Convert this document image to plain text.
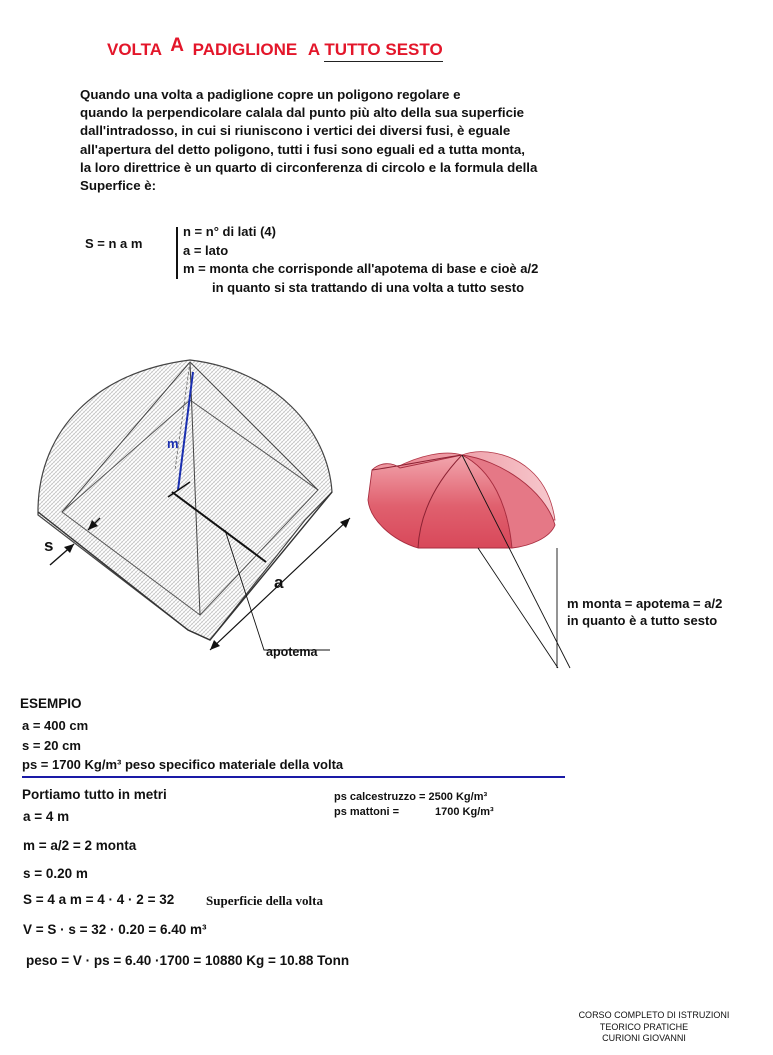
VOLTA A PADIGLIONE A TUTTO SESTO
Quando una volta a padiglione copre un poligono regolare e
quando la perpendicolare calala dal punto più alto della sua superficie
dall'intradosso, in cui si riuniscono i vertici dei diversi fusi, è eguale
all'apertura del detto poligono, tutti i fusi sono eguali ed a tutta monta,
la loro direttrice è un quarto di circonferenza di circolo e la formula della
Superfice è:
S = n a m
n = n° di lati (4)
a = lato
m = monta che corrisponde all'apotema di base e cioè a/2
in quanto si sta trattando di una volta a tutto sesto
m
s
a
apotema
m monta = apotema = a/2
in quanto è a tutto sesto
ESEMPIO
a = 400 cm
s = 20 cm
ps = 1700 Kg/m³ peso specifico materiale della volta
Portiamo tutto in metri
a = 4 m
m = a/2 = 2 monta
s = 0.20 m
S = 4 a m = 4 · 4 · 2 = 32 Superficie della volta
V = S · s = 32 · 0.20 = 6.40 m³
peso = V · ps = 6.40 ·1700 = 10880 Kg = 10.88 Tonn
ps calcestruzzo = 2500 Kg/m³
ps mattoni =	1700 Kg/m³
CORSO COMPLETO DI ISTRUZIONI
TEORICO PRATICHE
CURIONI GIOVANNI
